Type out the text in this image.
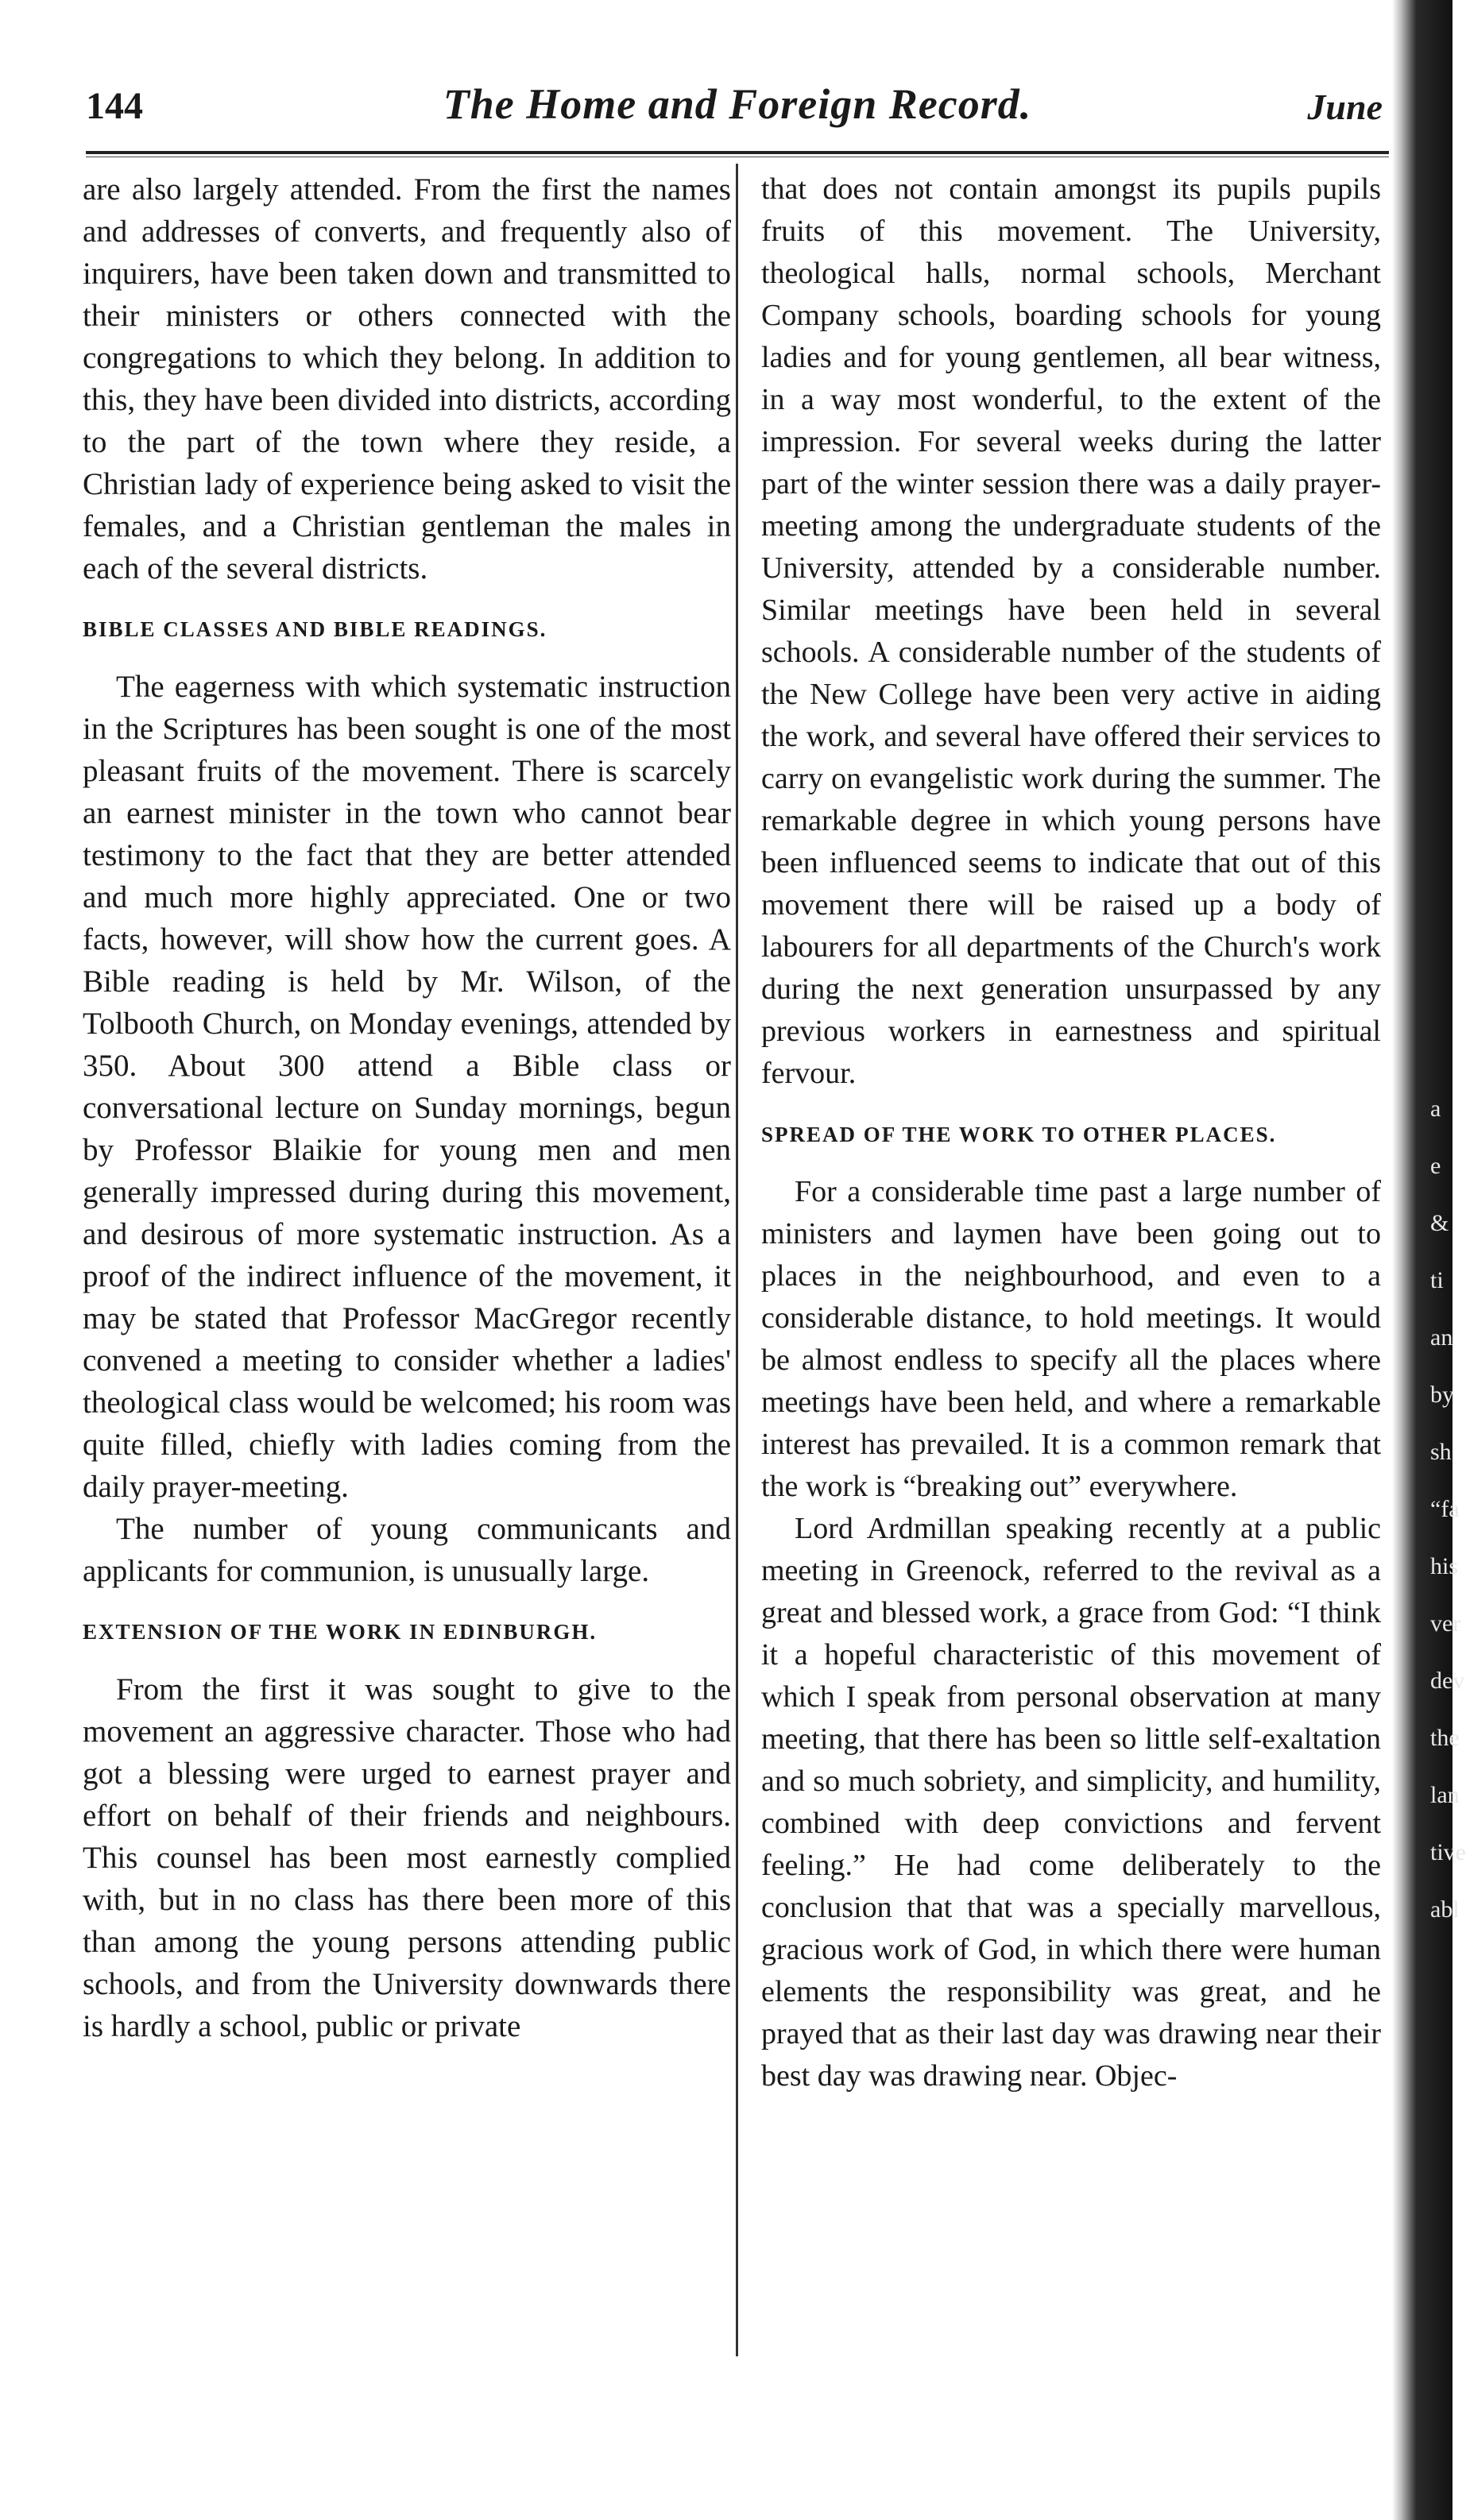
144	The Home and Foreign Record.	June

are also largely attended. From the first the names and addresses of converts, and frequently also of inquirers, have been taken down and transmitted to their ministers or others connected with the congregations to which they belong. In addition to this, they have been divided into districts, according to the part of the town where they reside, a Christian lady of experience being asked to visit the females, and a Christian gentleman the males in each of the several districts.

BIBLE CLASSES AND BIBLE READINGS.

The eagerness with which systematic instruction in the Scriptures has been sought is one of the most pleasant fruits of the movement. There is scarcely an earnest minister in the town who cannot bear testimony to the fact that they are better attended and much more highly appreciated. One or two facts, however, will show how the current goes. A Bible reading is held by Mr. Wilson, of the Tolbooth Church, on Monday evenings, attended by 350. About 300 attend a Bible class or conversational lecture on Sunday mornings, begun by Professor Blaikie for young men and men generally impressed during during this movement, and desirous of more systematic instruction. As a proof of the indirect influence of the movement, it may be stated that Professor MacGregor recently convened a meeting to consider whether a ladies' theological class would be welcomed; his room was quite filled, chiefly with ladies coming from the daily prayer-meeting.

The number of young communicants and applicants for communion, is unusually large.

EXTENSION OF THE WORK IN EDINBURGH.

From the first it was sought to give to the movement an aggressive character. Those who had got a blessing were urged to earnest prayer and effort on behalf of their friends and neighbours. This counsel has been most earnestly complied with, but in no class has there been more of this than among the young persons attending public schools, and from the University downwards there is hardly a school, public or private

that does not contain amongst its pupils pupils fruits of this movement. The University, theological halls, normal schools, Merchant Company schools, boarding schools for young ladies and for young gentlemen, all bear witness, in a way most wonderful, to the extent of the impression. For several weeks during the latter part of the winter session there was a daily prayer-meeting among the undergraduate students of the University, attended by a considerable number. Similar meetings have been held in several schools. A considerable number of the students of the New College have been very active in aiding the work, and several have offered their services to carry on evangelistic work during the summer. The remarkable degree in which young persons have been influenced seems to indicate that out of this movement there will be raised up a body of labourers for all departments of the Church's work during the next generation unsurpassed by any previous workers in earnestness and spiritual fervour.

SPREAD OF THE WORK TO OTHER PLACES.

For a considerable time past a large number of ministers and laymen have been going out to places in the neighbourhood, and even to a considerable distance, to hold meetings. It would be almost endless to specify all the places where meetings have been held, and where a remarkable interest has prevailed. It is a common remark that the work is “breaking out” everywhere.

Lord Ardmillan speaking recently at a public meeting in Greenock, referred to the revival as a great and blessed work, a grace from God: “I think it a hopeful characteristic of this movement of which I speak from personal observation at many meeting, that there has been so little self-exaltation and so much sobriety, and simplicity, and humility, combined with deep convictions and fervent feeling.” He had come deliberately to the conclusion that that was a specially marvellous, gracious work of God, in which there were human elements the responsibility was great, and he prayed that as their last day was drawing near their best day was drawing near. Objec-

a
e
&
ti
an
by
sh
“fa
his
ver
dev
the
lan
tive
abl
